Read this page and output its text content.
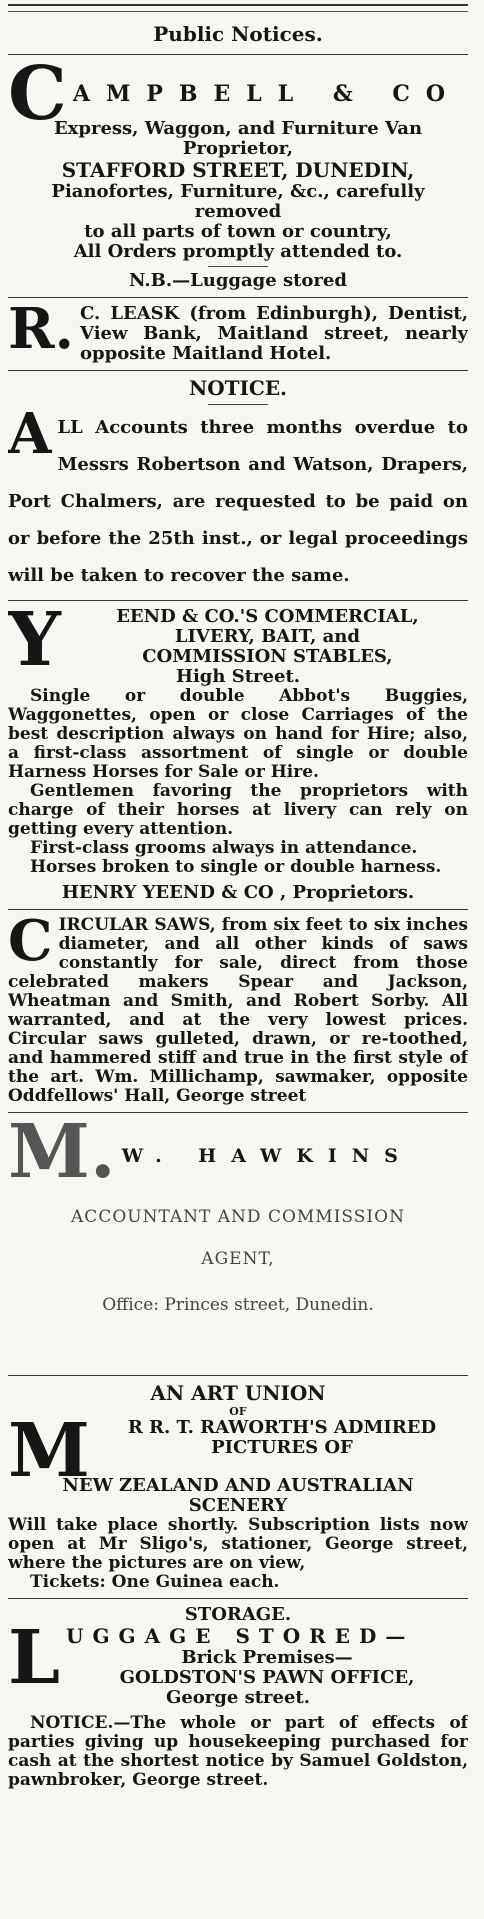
Public Notices.
C AMPBELL & CO

Express, Waggon, and Furniture Van

Proprietor,

STAFFORD STREET, DUNEDIN,

Pianofortes, Furniture, &c., carefully removed

to all parts of town or country,

All Orders promptly attended to.

N.B.—Luggage stored

R. C. LEASK (from Edinburgh), Dentist, View Bank, Maitland street, nearly opposite Maitland Hotel.

NOTICE.
A LL Accounts three months overdue to Messrs Robertson and Watson, Drapers, Port Chalmers, are requested to be paid on or before the 25th inst., or legal proceedings will be taken to recover the same.

Y	EEND & CO.'S COMMERCIAL,

LIVERY, BAIT, and

COMMISSION STABLES,

High Street.

Single or double Abbot's Buggies, Waggonettes, open or close Carriages of the best description always on hand for Hire; also, a first-class assortment of single or double Harness Horses for Sale or Hire.

Gentlemen favoring the proprietors with charge of their horses at livery can rely on getting every attention.

First-class grooms always in attendance.

Horses broken to single or double harness.

HENRY YEEND & CO , Proprietors.

C IRCULAR SAWS, from six feet to six inches diameter, and all other kinds of saws constantly for sale, direct from those celebrated makers Spear and Jackson, Wheatman and Smith, and Robert Sorby. All warranted, and at the very lowest prices. Circular saws gulleted, drawn, or re-toothed, and hammered stiff and true in the first style of the art. Wm. Millichamp, sawmaker, opposite Oddfellows' Hall, George street

M. W. HAWKINS

ACCOUNTANT AND COMMISSION

AGENT,

Office: Princes street, Dunedin.

AN ART UNION
OF
M	R R. T. RAWORTH'S ADMIRED

PICTURES OF

NEW ZEALAND AND AUSTRALIAN

SCENERY

Will take place shortly. Subscription lists now open at Mr Sligo's, stationer, George street, where the pictures are on view,

Tickets: One Guinea each.

STORAGE.
L UGGAGE STORED—

Brick Premises—

GOLDSTON'S PAWN OFFICE,

George street.

NOTICE.—The whole or part of effects of parties giving up housekeeping purchased for cash at the shortest notice by Samuel Goldston, pawnbroker, George street.
